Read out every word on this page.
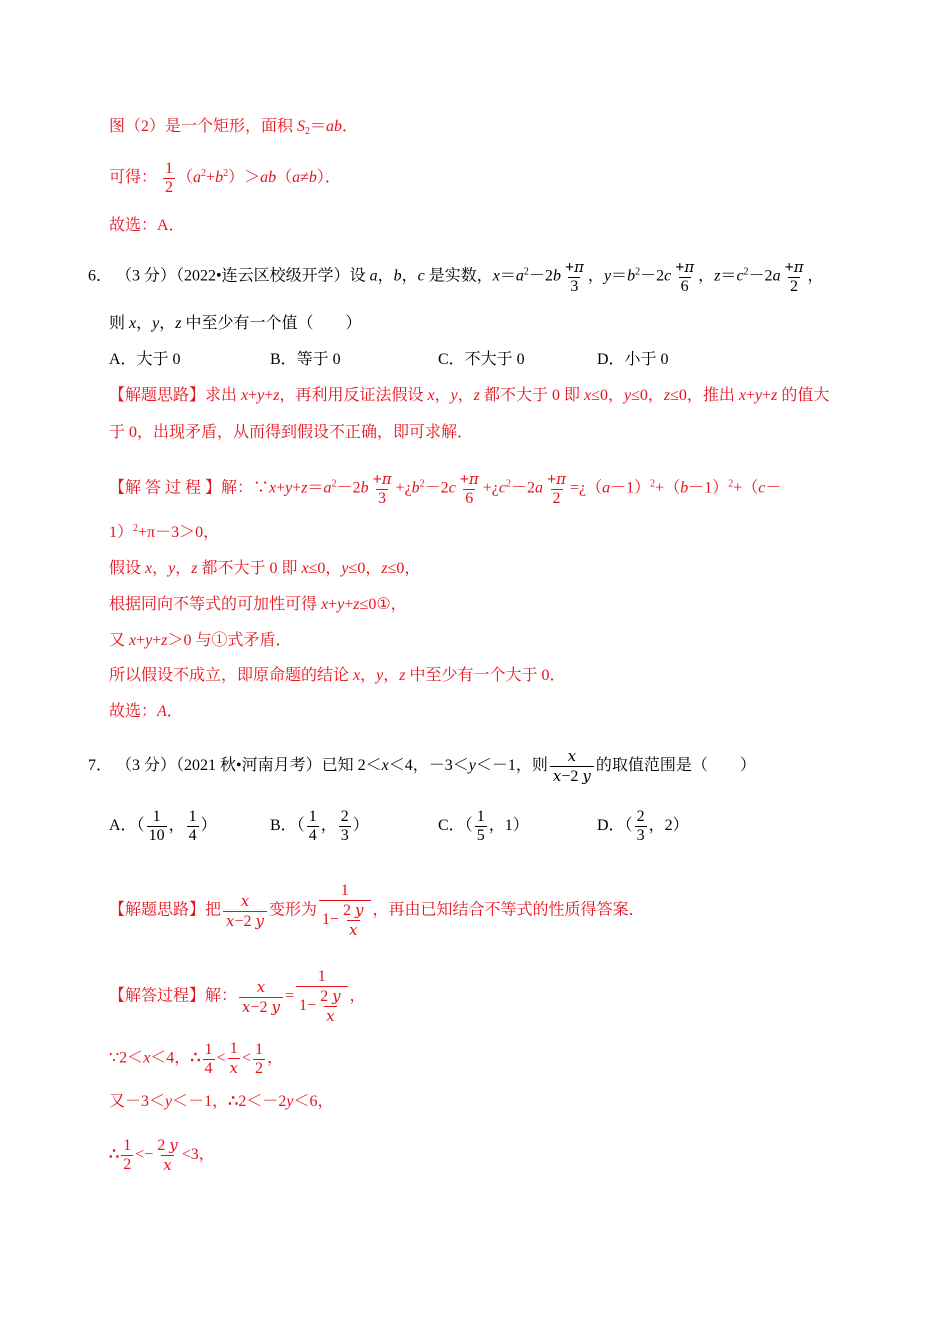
图（2）是一个矩形，面积 $S_2=ab$．
可得： $\frac{1}{2} (a^2+b^2)>ab(a\ne b)$．
故选：A．
6． （3 分）（2022•连云区校级开学）设 a，b，c 是实数，$x=a^2-2b \frac{+\pi}{3}$ ，$y=b^2-2c \frac{+\pi}{6}$ ，$z=c^2-2a \frac{+\pi}{2}$ ，
则 x，y，z 中至少有一个值（　　）
A．大于 0	B．等于 0	C．不大于 0	D．小于 0
【解题思路】求出 x+y+z，再利用反证法假设 x，y，z 都不大于 0 即 x≤0，y≤0，z≤0，推出 x+y+z 的值大
于 0，出现矛盾，从而得到假设不正确，即可求解．
【解 答 过 程 】解：$\because x+y+z=a^2-2b \frac{+\pi}{3}$ $+¿b^2-2c \frac{+\pi}{6}$ $+¿c^2-2a \frac{+\pi}{2}$ $=¿(a-1)^2+(b-1)^2+(c-$
1）$^2$+π－3＞0，
假设 x，y，z 都不大于 0 即 x≤0，y≤0，z≤0，
根据同向不等式的可加性可得 x+y+z≤0①，
又 x+y+z＞0 与①式矛盾．
所以假设不成立，即原命题的结论 x，y，z 中至少有一个大于 0．
故选：A．
7． （3 分）（2021 秋•河南月考）已知 2＜x＜4，－3＜y＜－1，则 $\frac{x}{x-2 y}$ 的取值范围是（　　）
A．（ $\frac{1}{10}$ ， $\frac{1}{4}$ ）	B．（ $\frac{1}{4}$ ， $\frac{2}{3}$ ）	C．（ $\frac{1}{5}$ ，1）	D．（ $\frac{2}{3}$ ，2）
【解题思路】把 $\frac{x}{x-2 y}$ 变形为 $\frac{1}{1- \frac{2 y}{x}}$ ，再由已知结合不等式的性质得答案．
【解答过程】解： $\frac{x}{x-2 y} = \frac{1}{1- \frac{2 y}{x}}$ ，
∵2＜x＜4，∴ $\frac{1}{4} < \frac{1}{x} < \frac{1}{2}$ ，
又－3＜y＜－1，∴2＜－2y＜6，
∴ $\frac{1}{2} <- \frac{2 y}{x} <3$，
